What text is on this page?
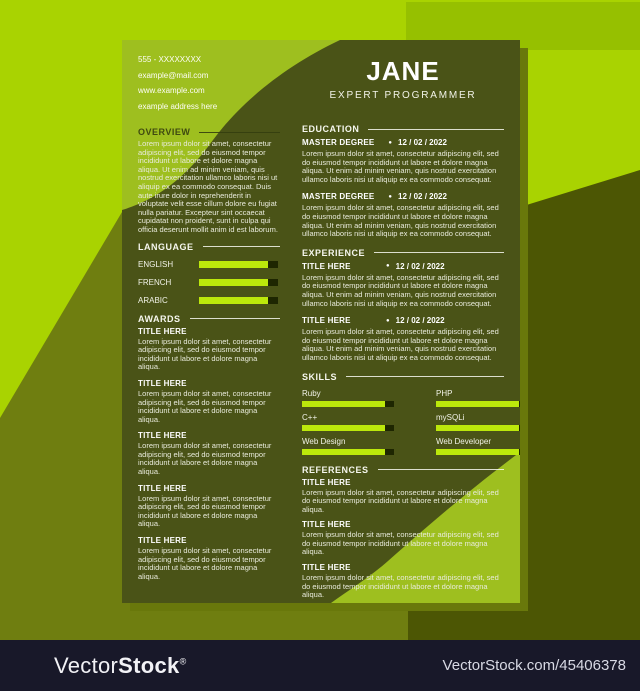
555 - XXXXXXXX
example@mail.com
www.example.com
example address here
OVERVIEW
Lorem ipsum dolor sit amet, consectetur adipiscing elit, sed do eiusmod tempor incididunt ut labore et dolore magna aliqua. Ut enim ad minim veniam, quis nostrud exercitation ullamco laboris nisi ut aliquip ex ea commodo consequat. Duis aute irure dolor in reprehenderit in voluptate velit esse cillum dolore eu fugiat nulla pariatur. Excepteur sint occaecat cupidatat non proident, sunt in culpa qui officia deserunt mollit anim id est laborum.
LANGUAGE
ENGLISH
FRENCH
ARABIC
AWARDS
TITLE HERE
Lorem ipsum dolor sit amet, consectetur adipiscing elit, sed do eiusmod tempor incididunt ut labore et dolore magna aliqua.
TITLE HERE
Lorem ipsum dolor sit amet, consectetur adipiscing elit, sed do eiusmod tempor incididunt ut labore et dolore magna aliqua.
TITLE HERE
Lorem ipsum dolor sit amet, consectetur adipiscing elit, sed do eiusmod tempor incididunt ut labore et dolore magna aliqua.
TITLE HERE
Lorem ipsum dolor sit amet, consectetur adipiscing elit, sed do eiusmod tempor incididunt ut labore et dolore magna aliqua.
TITLE HERE
Lorem ipsum dolor sit amet, consectetur adipiscing elit, sed do eiusmod tempor incididunt ut labore et dolore magna aliqua.
JANE
EXPERT PROGRAMMER
EDUCATION
MASTER DEGREE ● 12 / 02 / 2022
Lorem ipsum dolor sit amet, consectetur adipiscing elit, sed do eiusmod tempor incididunt ut labore et dolore magna aliqua. Ut enim ad minim veniam, quis nostrud exercitation ullamco laboris nisi ut aliquip ex ea commodo consequat.
MASTER DEGREE ● 12 / 02 / 2022
Lorem ipsum dolor sit amet, consectetur adipiscing elit, sed do eiusmod tempor incididunt ut labore et dolore magna aliqua. Ut enim ad minim veniam, quis nostrud exercitation ullamco laboris nisi ut aliquip ex ea commodo consequat.
EXPERIENCE
TITLE HERE	● 12 / 02 / 2022
Lorem ipsum dolor sit amet, consectetur adipiscing elit, sed do eiusmod tempor incididunt ut labore et dolore magna aliqua. Ut enim ad minim veniam, quis nostrud exercitation ullamco laboris nisi ut aliquip ex ea commodo consequat.
TITLE HERE	● 12 / 02 / 2022
Lorem ipsum dolor sit amet, consectetur adipiscing elit, sed do eiusmod tempor incididunt ut labore et dolore magna aliqua. Ut enim ad minim veniam, quis nostrud exercitation ullamco laboris nisi ut aliquip ex ea commodo consequat.
SKILLS
Ruby	PHP
C++	mySQLi
Web Design	Web Developer
REFERENCES
TITLE HERE
Lorem ipsum dolor sit amet, consectetur adipiscing elit, sed do eiusmod tempor incididunt ut labore et dolore magna aliqua.
TITLE HERE
Lorem ipsum dolor sit amet, consectetur adipiscing elit, sed do eiusmod tempor incididunt ut labore et dolore magna aliqua.
TITLE HERE
Lorem ipsum dolor sit amet, consectetur adipiscing elit, sed do eiusmod tempor incididunt ut labore et dolore magna aliqua.
VectorStock®	VectorStock.com/45406378
